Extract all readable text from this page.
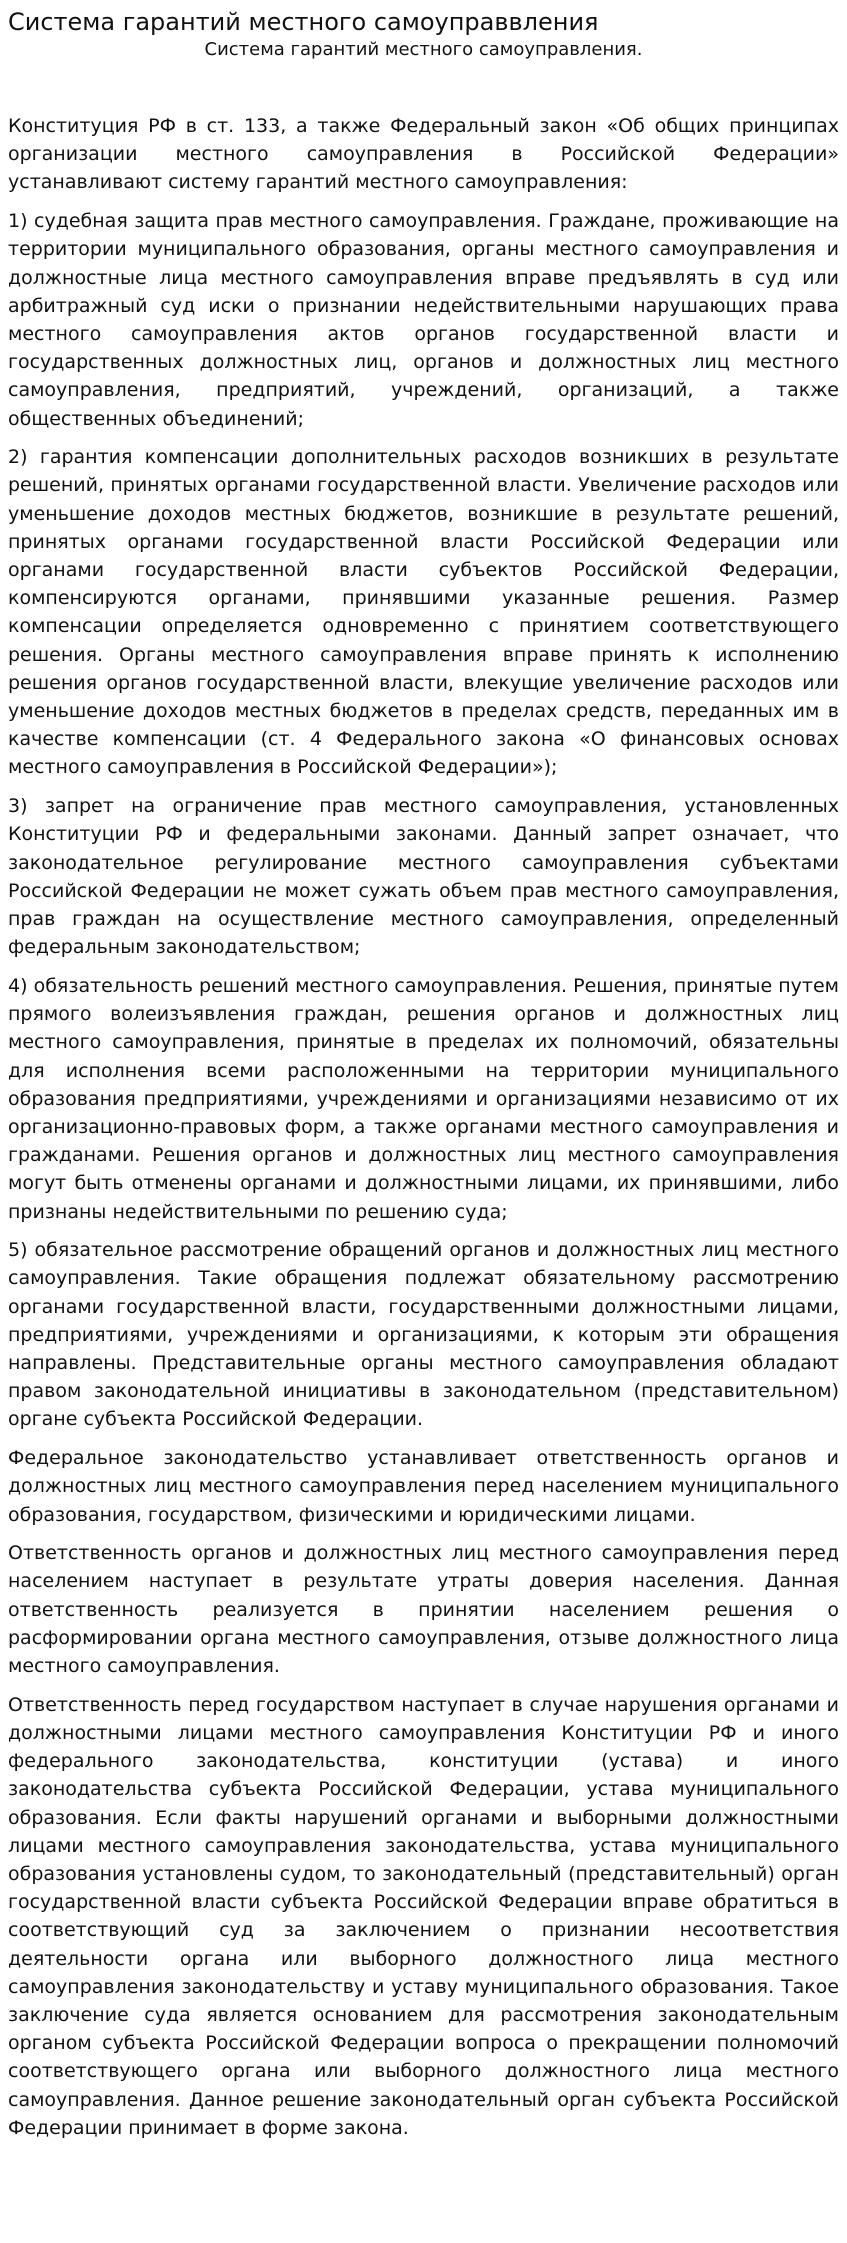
Система гарантий местного самоуправвления
Система гарантий местного самоуправления.

Конституция РФ в ст. 133, а также Федеральный закон «Об общих принципах организации местного самоуправления в Российской Федерации» устанавливают систему гарантий местного самоуправления:

1) судебная защита прав местного самоуправления. Граждане, проживающие на территории муниципального образования, органы местного самоуправления и должностные лица местного самоуправления вправе предъявлять в суд или арбитражный суд иски о признании недействительными нарушающих права местного самоуправления актов органов государственной власти и государственных должностных лиц, органов и должностных лиц местного самоуправления, предприятий, учреждений, организаций, а также общественных объединений;

2) гарантия компенсации дополнительных расходов возникших в результате решений, принятых органами государственной власти. Увеличение расходов или уменьшение доходов местных бюджетов, возникшие в результате решений, принятых органами государственной власти Российской Федерации или органами государственной власти субъектов Российской Федерации, компенсируются органами, принявшими указанные решения. Размер компенсации определяется одновременно с принятием соответствующего решения. Органы местного самоуправления вправе принять к исполнению решения органов государственной власти, влекущие увеличение расходов или уменьшение доходов местных бюджетов в пределах средств, переданных им в качестве компенсации (ст. 4 Федерального закона «О финансовых основах местного самоуправления в Российской Федерации»);

3) запрет на ограничение прав местного самоуправления, установленных Конституции РФ и федеральными законами. Данный запрет означает, что законодательное регулирование местного самоуправления субъектами Российской Федерации не может сужать объем прав местного самоуправления, прав граждан на осуществление местного самоуправления, определенный федеральным законодательством;

4) обязательность решений местного самоуправления. Решения, принятые путем прямого волеизъявления граждан, решения органов и должностных лиц местного самоуправления, принятые в пределах их полномочий, обязательны для исполнения всеми расположенными на территории муниципального образования предприятиями, учреждениями и организациями независимо от их организационно-правовых форм, а также органами местного самоуправления и гражданами. Решения органов и должностных лиц местного самоуправления могут быть отменены органами и должностными лицами, их принявшими, либо признаны недействительными по решению суда;

5) обязательное рассмотрение обращений органов и должностных лиц местного самоуправления. Такие обращения подлежат обязательному рассмотрению органами государственной власти, государственными должностными лицами, предприятиями, учреждениями и организациями, к которым эти обращения направлены. Представительные органы местного самоуправления обладают правом законодательной инициативы в законодательном (представительном) органе субъекта Российской Федерации.

Федеральное законодательство устанавливает ответственность органов и должностных лиц местного самоуправления перед населением муниципального образования, государством, физическими и юридическими лицами.

Ответственность органов и должностных лиц местного самоуправления перед населением наступает в результате утраты доверия населения. Данная ответственность реализуется в принятии населением решения о расформировании органа местного самоуправления, отзыве должностного лица местного самоуправления.

Ответственность перед государством наступает в случае нарушения органами и должностными лицами местного самоуправления Конституции РФ и иного федерального законодательства, конституции (устава) и иного законодательства субъекта Российской Федерации, устава муниципального образования. Если факты нарушений органами и выборными должностными лицами местного самоуправления законодательства, устава муниципального образования установлены судом, то законодательный (представительный) орган государственной власти субъекта Российской Федерации вправе обратиться в соответствующий суд за заключением о признании несоответствия деятельности органа или выборного должностного лица местного самоуправления законодательству и уставу муниципального образования. Такое заключение суда является основанием для рассмотрения законодательным органом субъекта Российской Федерации вопроса о прекращении полномочий соответствующего органа или выборного должностного лица местного самоуправления. Данное решение законодательный орган субъекта Российской Федерации принимает в форме закона.
